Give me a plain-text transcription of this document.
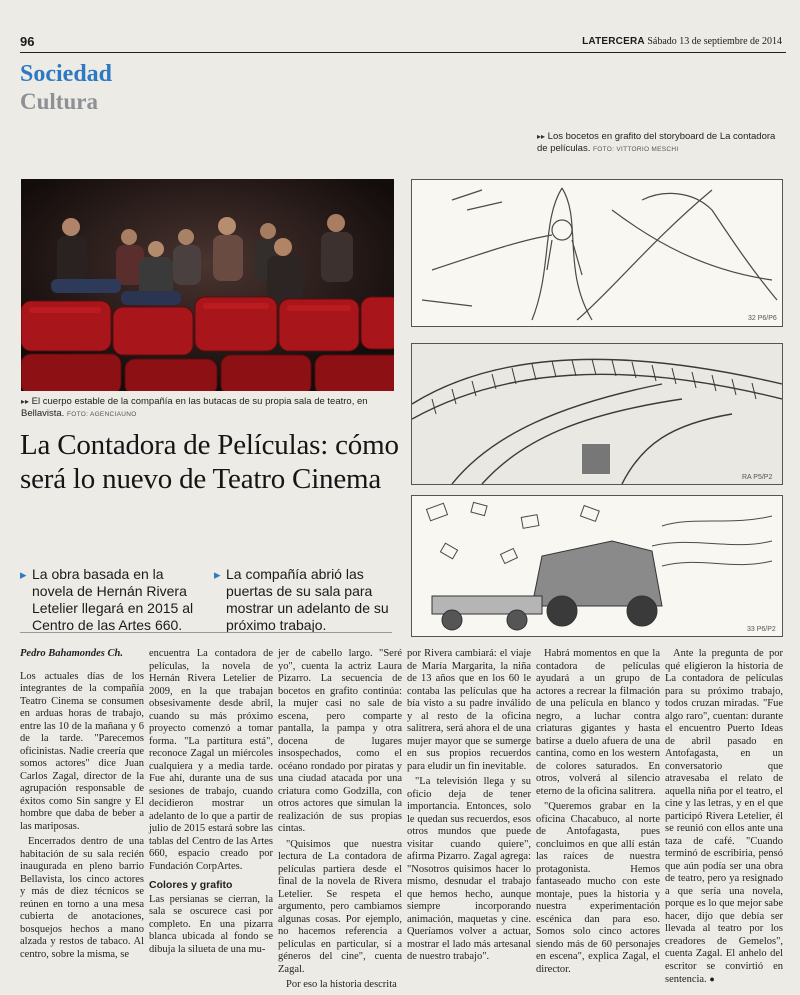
96	LATERCERA Sábado 13 de septiembre de 2014
Sociedad
Cultura
▸▸ Los bocetos en grafito del storyboard de La contadora de películas. FOTO: VITTORIO MESCHI
▸▸ El cuerpo estable de la compañía en las butacas de su propia sala de teatro, en Bellavista. FOTO: AGENCIAUNO
La Contadora de Películas: cómo será lo nuevo de Teatro Cinema
▸ La obra basada en la novela de Hernán Rivera Letelier llegará en 2015 al Centro de las Artes 660.
▸ La compañía abrió las puertas de su sala para mostrar un adelanto de su próximo trabajo.
32 P6/P6
RA P5/P2
33 P6/P2

Pedro Bahamondes Ch.

Los actuales días de los integrantes de la compañía Teatro Cinema se consumen en arduas horas de trabajo, entre las 10 de la mañana y 6 de la tarde. "Parecemos oficinistas. Nadie creería que somos actores" dice Juan Carlos Zagal, director de la agrupación responsable de éxitos como Sin sangre y El hombre que daba de beber a las mariposas.

Encerrados dentro de una habitación de su sala recién inaugurada en pleno barrio Bellavista, los cinco actores y más de diez técnicos se reúnen en torno a una mesa cubierta de anotaciones, bosquejos hechos a mano alzada y restos de tabaco. Al centro, sobre la misma, se

encuentra La contadora de películas, la novela de Hernán Rivera Letelier de 2009, en la que trabajan obsesivamente desde abril, cuando su más próximo proyecto comenzó a tomar forma. "La partitura está", reconoce Zagal un miércoles cualquiera y a media tarde. Fue ahí, durante una de sus sesiones de trabajo, cuando decidieron mostrar un adelanto de lo que a partir de julio de 2015 estará sobre las tablas del Centro de las Artes 660, espacio creado por Fundación CorpArtes.

Colores y grafito

Las persianas se cierran, la sala se oscurece casi por completo. En una pizarra blanca ubicada al fondo se dibuja la silueta de una mu-

jer de cabello largo. "Seré yo", cuenta la actriz Laura Pizarro. La secuencia de bocetos en grafito continúa: la mujer casi no sale de escena, pero comparte pantalla, la pampa y otra docena de lugares insospechados, como el océano rondado por piratas y una ciudad atacada por una criatura como Godzilla, con otros actores que simulan la realización de sus propias cintas.

"Quisimos que nuestra lectura de La contadora de películas partiera desde el final de la novela de Rivera Letelier. Se respeta el argumento, pero cambiamos algunas cosas. Por ejemplo, no hacemos referencia a películas en particular, sí a géneros del cine", cuenta Zagal.

Por eso la historia descrita

por Rivera cambiará: el viaje de María Margarita, la niña de 13 años que en los 60 le contaba las películas que ha bía visto a su padre inválido y al resto de la oficina salitrera, será ahora el de una mujer mayor que se sumerge en sus propios recuerdos para eludir un fin inevitable.

"La televisión llega y su oficio deja de tener importancia. Entonces, solo le quedan sus recuerdos, esos otros mundos que puede visitar cuando quiere", afirma Pizarro. Zagal agrega: "Nosotros quisimos hacer lo mismo, desnudar el trabajo que hemos hecho, aunque siempre incorporando animación, maquetas y cine. Queríamos volver a actuar, mostrar el lado más artesanal de nuestro trabajo".

Habrá momentos en que la contadora de películas ayudará a un grupo de actores a recrear la filmación de una película en blanco y negro, a luchar contra criaturas gigantes y hasta batirse a duelo afuera de una cantina, como en los western de colores saturados. En otros, volverá al silencio eterno de la oficina salitrera.

"Queremos grabar en la oficina Chacabuco, al norte de Antofagasta, pues concluimos en que allí están las raíces de nuestra protagonista. Hemos fantaseado mucho con este montaje, pues la historia y nuestra experimentación escénica dan para eso. Somos solo cinco actores siendo más de 60 personajes en escena", explica Zagal, el director.

Ante la pregunta de por qué eligieron la historia de La contadora de películas para su próximo trabajo, todos cruzan miradas. "Fue algo raro", cuentan: durante el encuentro Puerto Ideas de abril pasado en Antofagasta, en un conversatorio que atravesaba el relato de aquella niña por el teatro, el cine y las letras, y en el que participó Rivera Letelier, él se reunió con ellos ante una taza de café. "Cuando terminó de escribiria, pensó que aún podía ser una obra de teatro, pero ya resignado a que sería una novela, porque es lo que mejor sabe hacer, dijo que debía ser llevada al teatro por los creadores de Gemelos", cuenta Zagal. El anhelo del escritor se convirtió en sentencia. ●
